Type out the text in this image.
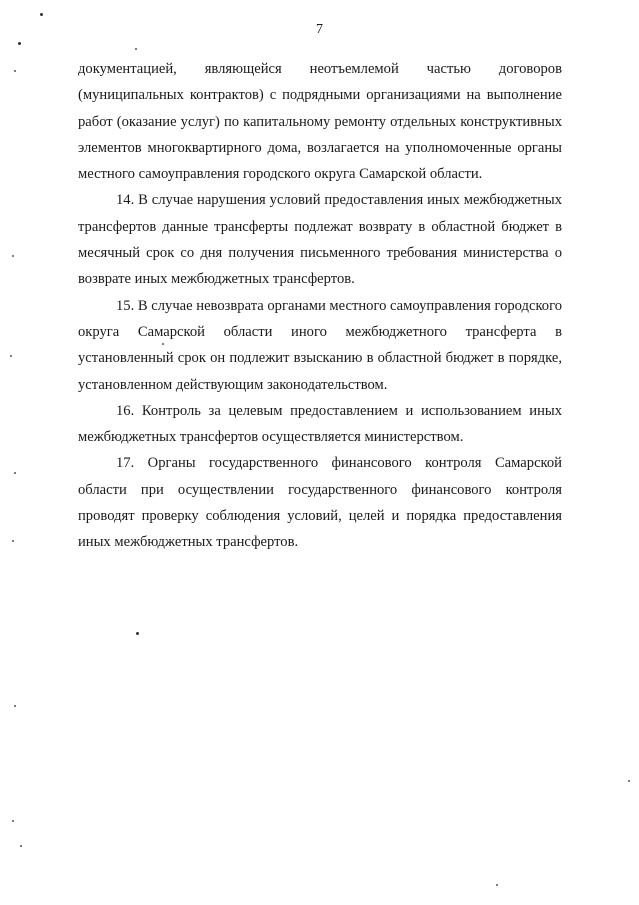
7

документацией, являющейся неотъемлемой частью договоров (муниципальных контрактов) с подрядными организациями на выполнение работ (оказание услуг) по капитальному ремонту отдельных конструктивных элементов многоквартирного дома, возлагается на уполномоченные органы местного самоуправления городского округа Самарской области.

14. В случае нарушения условий предоставления иных межбюджетных трансфертов данные трансферты подлежат возврату в областной бюджет в месячный срок со дня получения письменного требования министерства о возврате иных межбюджетных трансфертов.

15. В случае невозврата органами местного самоуправления городского округа Самарской области иного межбюджетного трансферта в установленный срок он подлежит взысканию в областной бюджет в порядке, установленном действующим законодательством.

16. Контроль за целевым предоставлением и использованием иных межбюджетных трансфертов осуществляется министерством.

17. Органы государственного финансового контроля Самарской области при осуществлении государственного финансового контроля проводят проверку соблюдения условий, целей и порядка предоставления иных межбюджетных трансфертов.
